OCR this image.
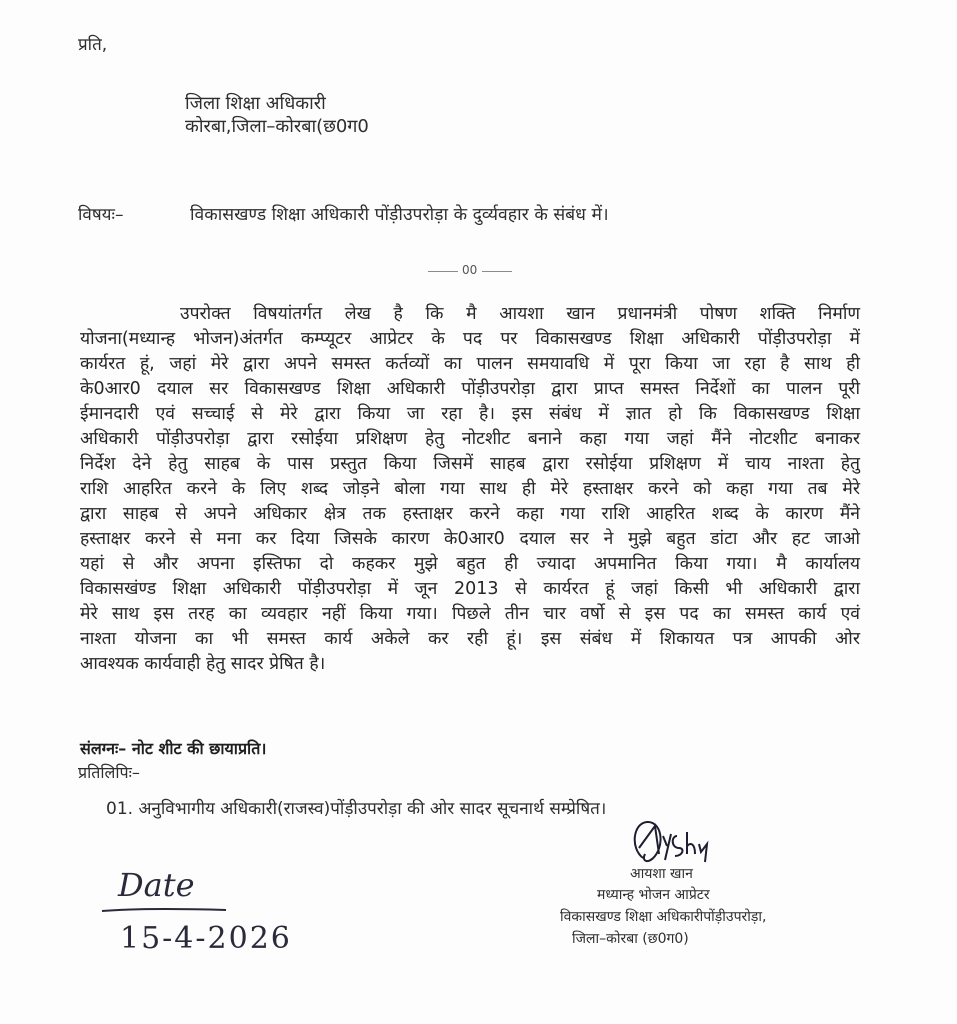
प्रति,
जिला शिक्षा अधिकारी
कोरबा,जिला–कोरबा(छ0ग0
विषयः–	विकासखण्ड शिक्षा अधिकारी पोंड़ीउपरोड़ा के दुर्व्यवहार के संबंध में।
00
उपरोक्त विषयांतर्गत लेख है कि मै आयशा खान प्रधानमंत्री पोषण शक्ति निर्माण
योजना(मध्यान्ह भोजन)अंतर्गत कम्प्यूटर आप्रेटर के पद पर विकासखण्ड शिक्षा अधिकारी पोंड़ीउपरोड़ा में
कार्यरत हूं, जहां मेरे द्वारा अपने समस्त कर्तव्यों का पालन समयावधि में पूरा किया जा रहा है साथ ही
के0आर0 दयाल सर विकासखण्ड शिक्षा अधिकारी पोंड़ीउपरोड़ा द्वारा प्राप्त समस्त निर्देशों का पालन पूरी
ईमानदारी एवं सच्चाई से मेरे द्वारा किया जा रहा है। इस संबंध में ज्ञात हो कि विकासखण्ड शिक्षा
अधिकारी पोंड़ीउपरोड़ा द्वारा रसोईया प्रशिक्षण हेतु नोटशीट बनाने कहा गया जहां मैंने नोटशीट बनाकर
निर्देश देने हेतु साहब के पास प्रस्तुत किया जिसमें साहब द्वारा रसोईया प्रशिक्षण में चाय नाश्ता हेतु
राशि आहरित करने के लिए शब्द जोड़ने बोला गया साथ ही मेरे हस्ताक्षर करने को कहा गया तब मेरे
द्वारा साहब से अपने अधिकार क्षेत्र तक हस्ताक्षर करने कहा गया राशि आहरित शब्द के कारण मैंने
हस्ताक्षर करने से मना कर दिया जिसके कारण के0आर0 दयाल सर ने मुझे बहुत डांटा और हट जाओ
यहां से और अपना इस्तिफा दो कहकर मुझे बहुत ही ज्यादा अपमानित किया गया। मै कार्यालय
विकासखंण्ड शिक्षा अधिकारी पोंड़ीउपरोड़ा में जून 2013 से कार्यरत हूं जहां किसी भी अधिकारी द्वारा
मेरे साथ इस तरह का व्यवहार नहीं किया गया। पिछले तीन चार वर्षो से इस पद का समस्त कार्य एवं
नाश्ता योजना का भी समस्त कार्य अकेले कर रही हूं। इस संबंध में शिकायत पत्र आपकी ओर
आवश्यक कार्यवाही हेतु सादर प्रेषित है।
संलग्नः– नोट शीट की छायाप्रति।
प्रतिलिपिः–
01. अनुविभागीय अधिकारी(राजस्व)पोंड़ीउपरोड़ा की ओर सादर सूचनार्थ सम्प्रेषित।
आयशा खान
मध्यान्ह भोजन आप्रेटर
विकासखण्ड शिक्षा अधिकारीपोंड़ीउपरोड़ा,
जिला–कोरबा (छ0ग0)
Date
15-4-2026
